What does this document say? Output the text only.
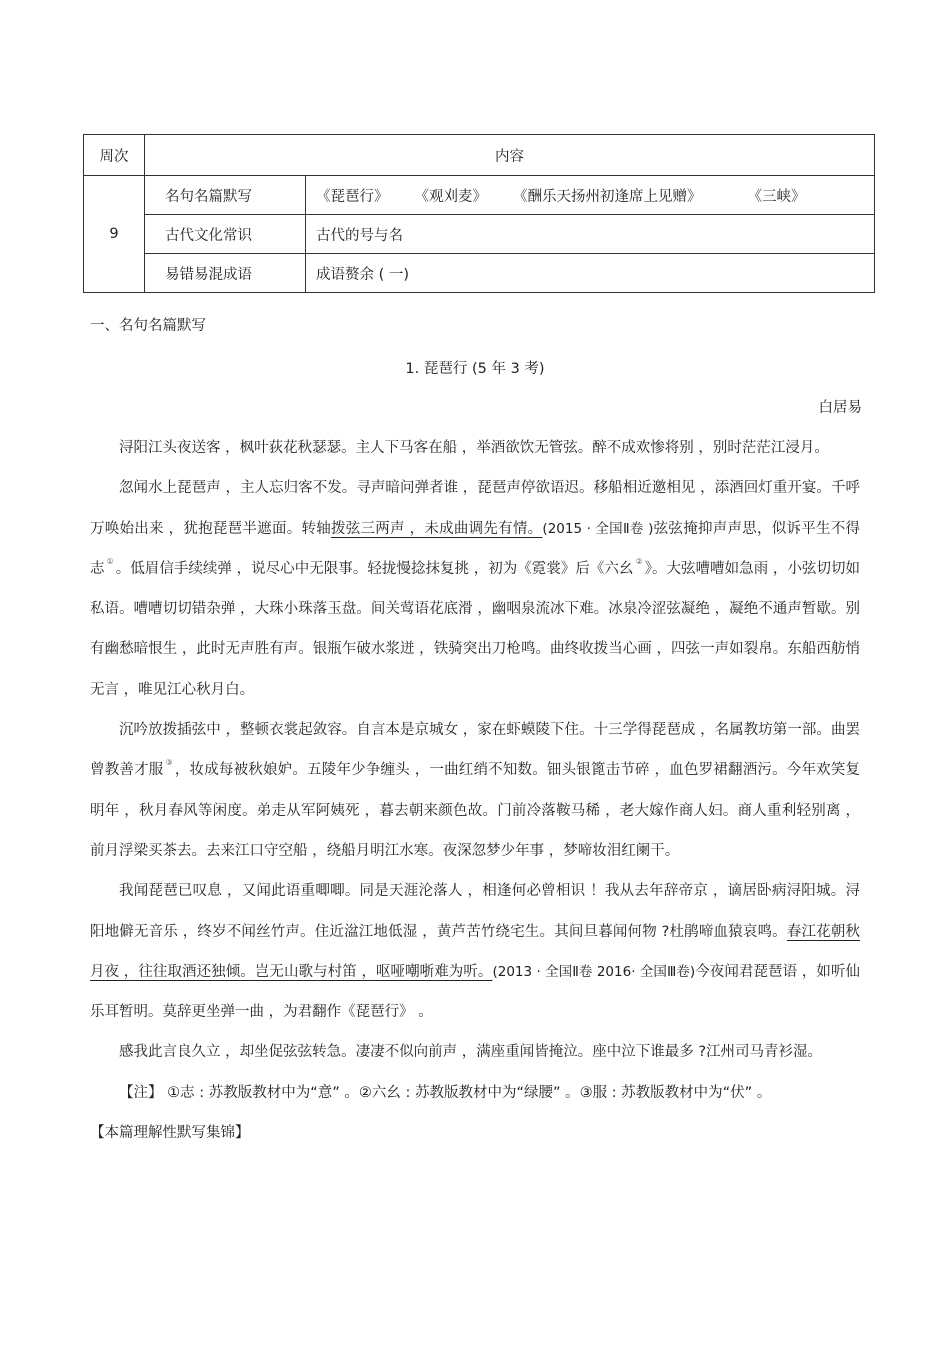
周次	内容	
9	名句名篇默写	《琵琶行》 《观刈麦》 《酬乐天扬州初逢席上见赠》 《三峡》
	古代文化常识	古代的号与名
	易错易混成语	成语赘余 ( 一)
一、名句名篇默写
1. 琵琶行 (5 年 3 考)
白居易

浔阳江头夜送客 ，枫叶荻花秋瑟瑟。主人下马客在船 ，举酒欲饮无管弦。醉不成欢惨将别 ，别时茫茫江浸月。

忽闻水上琵琶声 ，主人忘归客不发。寻声暗问弹者谁 ，琵琶声停欲语迟。移船相近邀相见 ，添酒回灯重开宴。千呼万唤始出来 ，犹抱琵琶半遮面。转轴拨弦三两声 ，未成曲调先有情。(2015 · 全国Ⅱ卷 )弦弦掩抑声声思，似诉平生不得志 ① 。低眉信手续续弹 ，说尽心中无限事。轻拢慢捻抹复挑 ，初为《霓裳》后《六幺 ② 》。大弦嘈嘈如急雨 ，小弦切切如私语。嘈嘈切切错杂弹 ，大珠小珠落玉盘。间关莺语花底滑 ，幽咽泉流冰下难。冰泉冷涩弦凝绝 ，凝绝不通声暂歇。别有幽愁暗恨生 ，此时无声胜有声。银瓶乍破水浆迸 ，铁骑突出刀枪鸣。曲终收拨当心画 ，四弦一声如裂帛。东船西舫悄无言 ，唯见江心秋月白。

沉吟放拨插弦中 ，整顿衣裳起敛容。自言本是京城女 ，家在虾蟆陵下住。十三学得琵琶成 ，名属教坊第一部。曲罢曾教善才服 ③ ，妆成每被秋娘妒。五陵年少争缠头 ，一曲红绡不知数。钿头银篦击节碎 ，血色罗裙翻酒污。今年欢笑复明年 ，秋月春风等闲度。弟走从军阿姨死 ，暮去朝来颜色故。门前冷落鞍马稀 ，老大嫁作商人妇。商人重利轻别离 ，前月浮梁买茶去。去来江口守空船 ，绕船月明江水寒。夜深忽梦少年事 ，梦啼妆泪红阑干。

我闻琵琶已叹息 ，又闻此语重唧唧。同是天涯沦落人 ，相逢何必曾相识 ！我从去年辞帝京 ，谪居卧病浔阳城。浔阳地僻无音乐 ，终岁不闻丝竹声。住近湓江地低湿 ，黄芦苦竹绕宅生。其间旦暮闻何物 ?杜鹃啼血猿哀鸣。春江花朝秋月夜 ，往往取酒还独倾。岂无山歌与村笛 ，呕哑嘲哳难为听。(2013 · 全国Ⅱ卷 2016· 全国Ⅲ卷)今夜闻君琵琶语 ，如听仙乐耳暂明。莫辞更坐弹一曲 ，为君翻作《琵琶行》 。

感我此言良久立 ，却坐促弦弦转急。凄凄不似向前声 ，满座重闻皆掩泣。座中泣下谁最多 ?江州司马青衫湿。

【注】 ①志 : 苏教版教材中为“意” 。②六幺 : 苏教版教材中为“绿腰” 。③服 : 苏教版教材中为“伏” 。

【本篇理解性默写集锦】
